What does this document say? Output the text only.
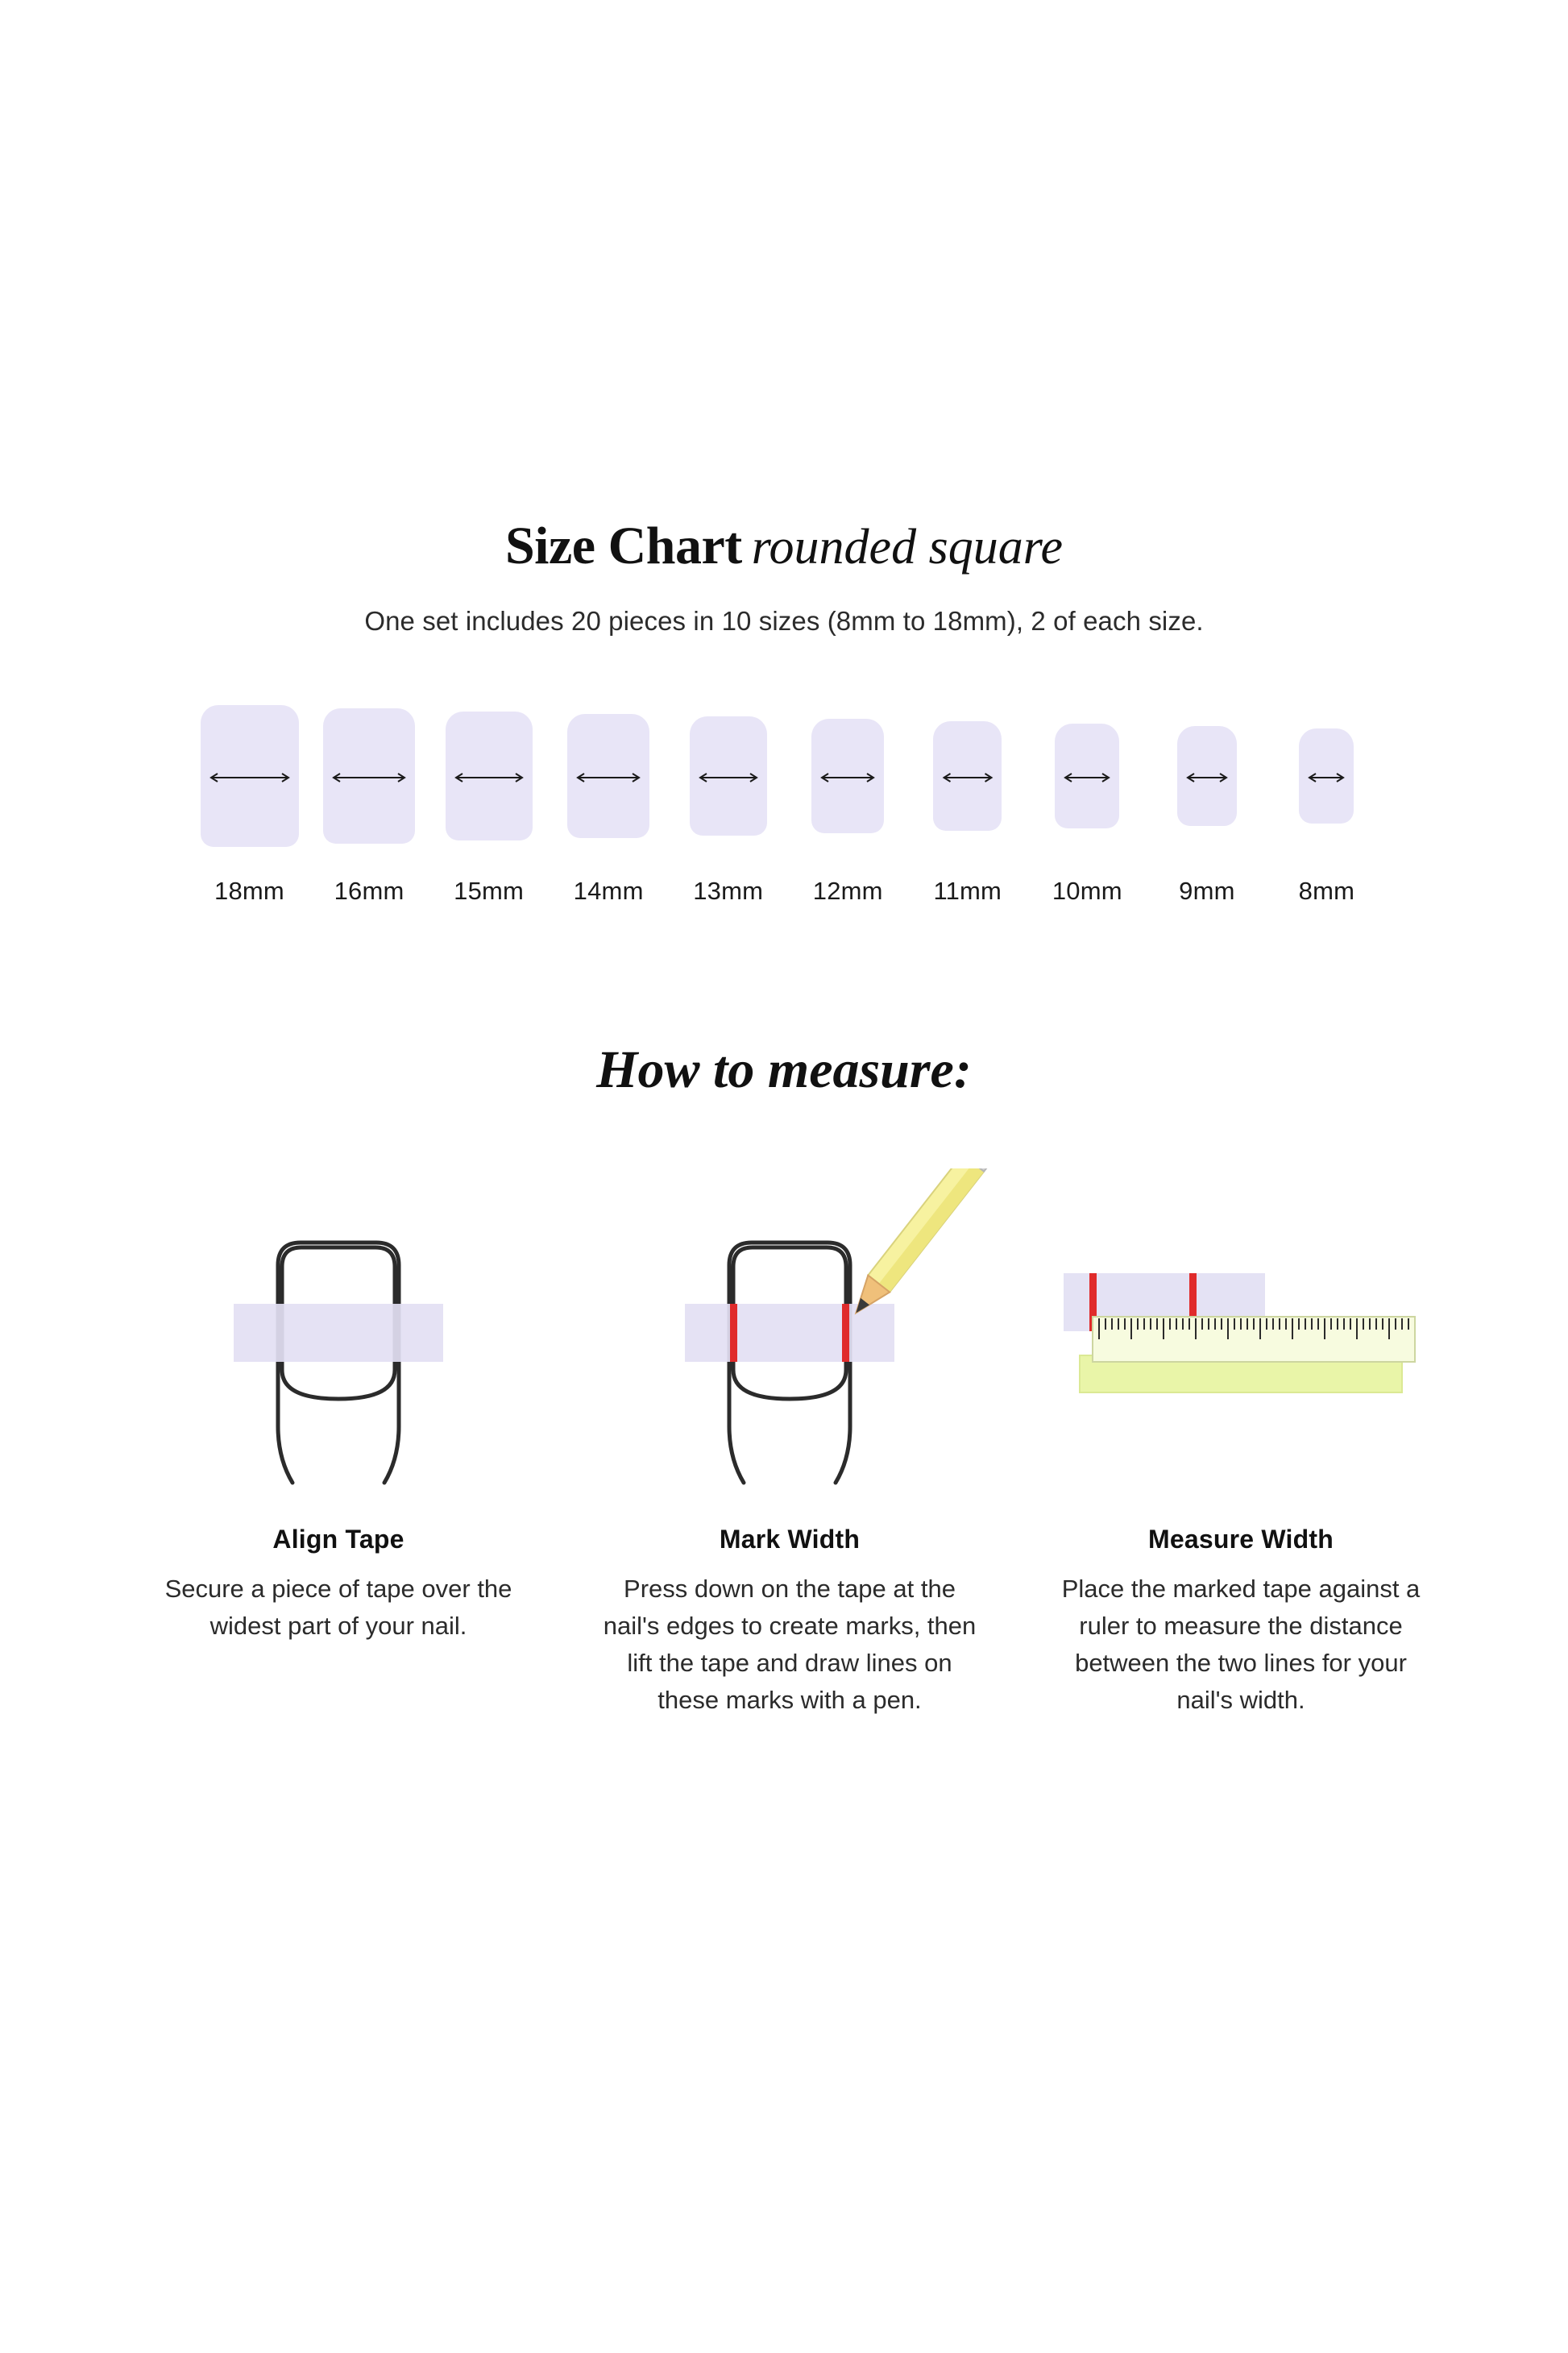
Size Chart rounded square
One set includes 20 pieces in 10 sizes (8mm to 18mm), 2 of each size.
18mm 16mm 15mm 14mm 13mm 12mm 11mm 10mm 9mm	8mm
How to measure:
Align Tape
Secure a piece of tape over the widest part of your nail.
Mark Width
Press down on the tape at the nail's edges to create marks, then lift the tape and draw lines on these marks with a pen.
Measure Width
Place the marked tape against a ruler to measure the distance between the two lines for your nail's width.
